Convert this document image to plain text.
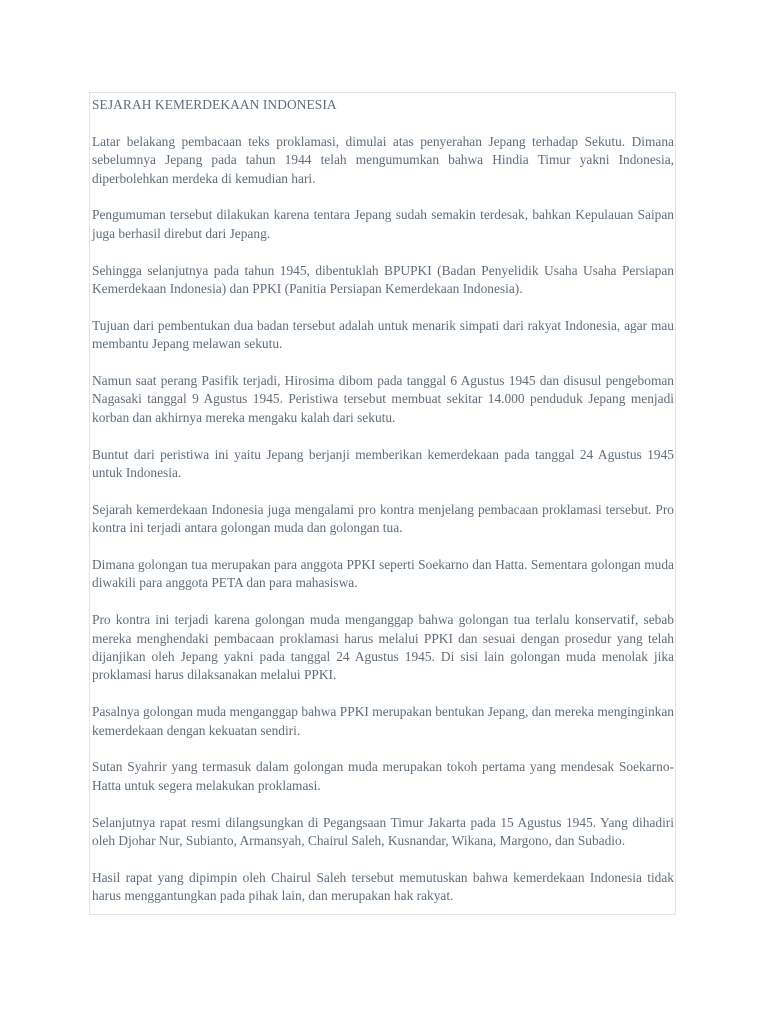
SEJARAH KEMERDEKAAN INDONESIA

Latar belakang pembacaan teks proklamasi, dimulai atas penyerahan Jepang terhadap Sekutu. Dimana sebelumnya Jepang pada tahun 1944 telah mengumumkan bahwa Hindia Timur yakni Indonesia, diperbolehkan merdeka di kemudian hari.

Pengumuman tersebut dilakukan karena tentara Jepang sudah semakin terdesak, bahkan Kepulauan Saipan juga berhasil direbut dari Jepang.

Sehingga selanjutnya pada tahun 1945, dibentuklah BPUPKI (Badan Penyelidik Usaha Usaha Persiapan Kemerdekaan Indonesia) dan PPKI (Panitia Persiapan Kemerdekaan Indonesia).

Tujuan dari pembentukan dua badan tersebut adalah untuk menarik simpati dari rakyat Indonesia, agar mau membantu Jepang melawan sekutu.

Namun saat perang Pasifik terjadi, Hirosima dibom pada tanggal 6 Agustus 1945 dan disusul pengeboman Nagasaki tanggal 9 Agustus 1945. Peristiwa tersebut membuat sekitar 14.000 penduduk Jepang menjadi korban dan akhirnya mereka mengaku kalah dari sekutu.

Buntut dari peristiwa ini yaitu Jepang berjanji memberikan kemerdekaan pada tanggal 24 Agustus 1945 untuk Indonesia.

Sejarah kemerdekaan Indonesia juga mengalami pro kontra menjelang pembacaan proklamasi tersebut. Pro kontra ini terjadi antara golongan muda dan golongan tua.

Dimana golongan tua merupakan para anggota PPKI seperti Soekarno dan Hatta. Sementara golongan muda diwakili para anggota PETA dan para mahasiswa.

Pro kontra ini terjadi karena golongan muda menganggap bahwa golongan tua terlalu konservatif, sebab mereka menghendaki pembacaan proklamasi harus melalui PPKI dan sesuai dengan prosedur yang telah dijanjikan oleh Jepang yakni pada tanggal 24 Agustus 1945. Di sisi lain golongan muda menolak jika proklamasi harus dilaksanakan melalui PPKI.

Pasalnya golongan muda menganggap bahwa PPKI merupakan bentukan Jepang, dan mereka menginginkan kemerdekaan dengan kekuatan sendiri.

Sutan Syahrir yang termasuk dalam golongan muda merupakan tokoh pertama yang mendesak Soekarno-Hatta untuk segera melakukan proklamasi.

Selanjutnya rapat resmi dilangsungkan di Pegangsaan Timur Jakarta pada 15 Agustus 1945. Yang dihadiri oleh Djohar Nur, Subianto, Armansyah, Chairul Saleh, Kusnandar, Wikana, Margono, dan Subadio.

Hasil rapat yang dipimpin oleh Chairul Saleh tersebut memutuskan bahwa kemerdekaan Indonesia tidak harus menggantungkan pada pihak lain, dan merupakan hak rakyat.
